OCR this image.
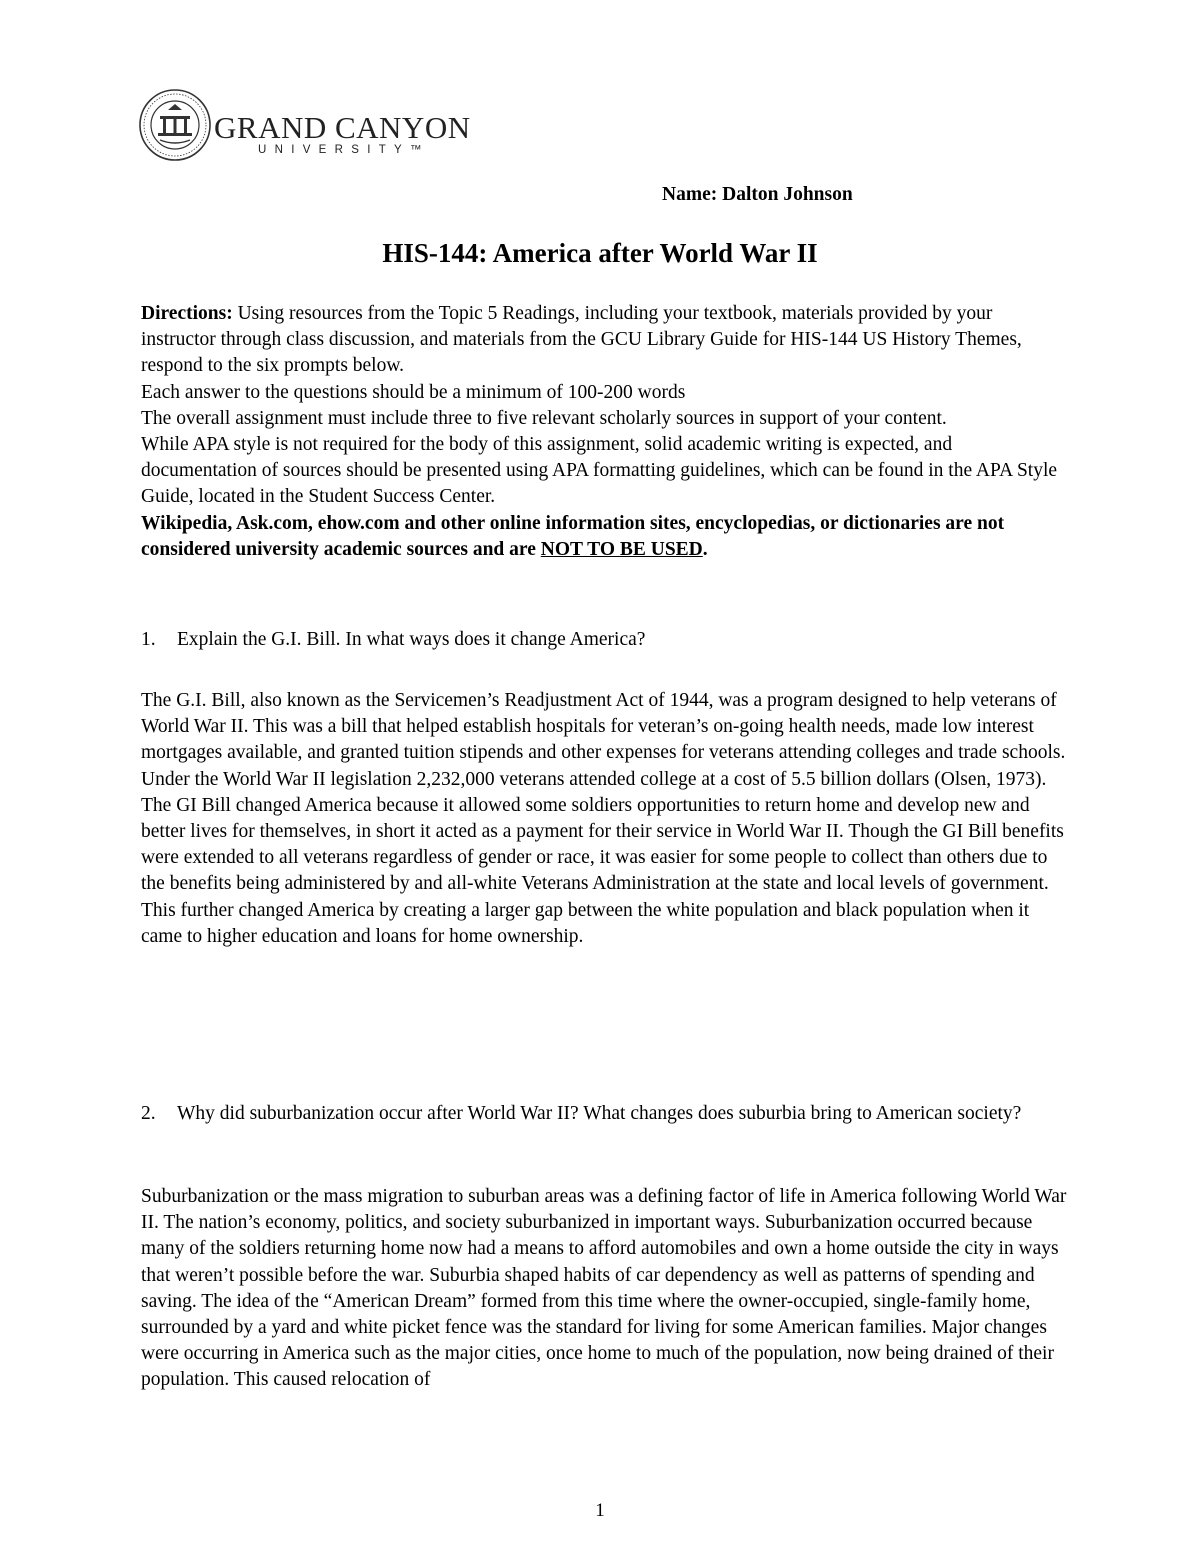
GRAND CANYON
UNIVERSITY™
Name: Dalton Johnson
HIS-144: America after World War II

Directions: Using resources from the Topic 5 Readings, including your textbook, materials provided by your instructor through class discussion, and materials from the GCU Library Guide for HIS-144 US History Themes, respond to the six prompts below.

Each answer to the questions should be a minimum of 100-200 words

The overall assignment must include three to five relevant scholarly sources in support of your content.

While APA style is not required for the body of this assignment, solid academic writing is expected, and documentation of sources should be presented using APA formatting guidelines, which can be found in the APA Style Guide, located in the Student Success Center.

Wikipedia, Ask.com, ehow.com and other online information sites, encyclopedias, or dictionaries are not considered university academic sources and are NOT TO BE USED.

1. Explain the G.I. Bill. In what ways does it change America?
The G.I. Bill, also known as the Servicemen’s Readjustment Act of 1944, was a program designed to help veterans of World War II. This was a bill that helped establish hospitals for veteran’s on-going health needs, made low interest mortgages available, and granted tuition stipends and other expenses for veterans attending colleges and trade schools. Under the World War II legislation 2,232,000 veterans attended college at a cost of 5.5 billion dollars (Olsen, 1973). The GI Bill changed America because it allowed some soldiers opportunities to return home and develop new and better lives for themselves, in short it acted as a payment for their service in World War II. Though the GI Bill benefits were extended to all veterans regardless of gender or race, it was easier for some people to collect than others due to the benefits being administered by and all-white Veterans Administration at the state and local levels of government. This further changed America by creating a larger gap between the white population and black population when it came to higher education and loans for home ownership.
2. Why did suburbanization occur after World War II? What changes does suburbia bring to American society?
Suburbanization or the mass migration to suburban areas was a defining factor of life in America following World War II. The nation’s economy, politics, and society suburbanized in important ways. Suburbanization occurred because many of the soldiers returning home now had a means to afford automobiles and own a home outside the city in ways that weren’t possible before the war. Suburbia shaped habits of car dependency as well as patterns of spending and saving. The idea of the “American Dream” formed from this time where the owner-occupied, single-family home, surrounded by a yard and white picket fence was the standard for living for some American families. Major changes were occurring in America such as the major cities, once home to much of the population, now being drained of their population. This caused relocation of
1
